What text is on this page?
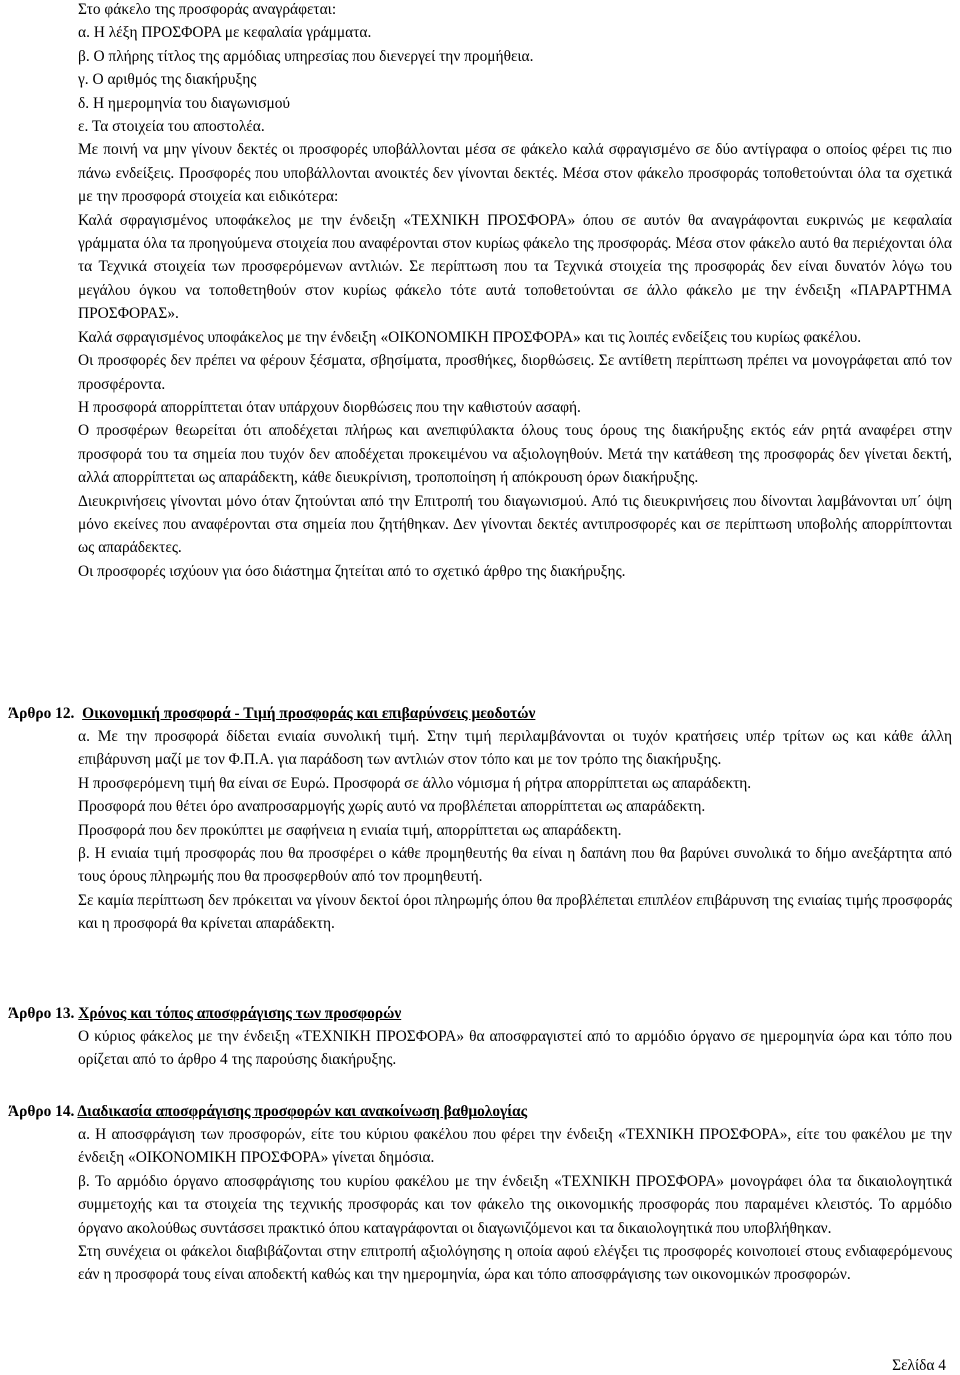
Στο φάκελο της προσφοράς αναγράφεται:

α. Η λέξη ΠΡΟΣΦΟΡΑ με κεφαλαία γράμματα.

β. Ο πλήρης τίτλος της αρμόδιας υπηρεσίας που διενεργεί την προμήθεια.

γ. Ο αριθμός της διακήρυξης

δ. Η ημερομηνία του διαγωνισμού

ε. Τα στοιχεία του αποστολέα.

Με ποινή να μην γίνουν δεκτές οι προσφορές υποβάλλονται μέσα σε φάκελο καλά σφραγισμένο σε δύο αντίγραφα ο οποίος φέρει τις πιο πάνω ενδείξεις. Προσφορές που υποβάλλονται ανοικτές δεν γίνονται δεκτές. Μέσα στον φάκελο προσφοράς τοποθετούνται όλα τα σχετικά με την προσφορά στοιχεία και ειδικότερα:

Καλά σφραγισμένος υποφάκελος με την ένδειξη «ΤΕΧΝΙΚΗ ΠΡΟΣΦΟΡΑ» όπου σε αυτόν θα αναγράφονται ευκρινώς με κεφαλαία γράμματα όλα τα προηγούμενα στοιχεία που αναφέρονται στον κυρίως φάκελο της προσφοράς. Μέσα στον φάκελο αυτό θα περιέχονται όλα τα Τεχνικά στοιχεία των προσφερόμενων αντλιών. Σε περίπτωση που τα Τεχνικά στοιχεία της προσφοράς δεν είναι δυνατόν λόγω του μεγάλου όγκου να τοποθετηθούν στον κυρίως φάκελο τότε αυτά τοποθετούνται σε άλλο φάκελο με την ένδειξη «ΠΑΡΑΡΤΗΜΑ ΠΡΟΣΦΟΡΑΣ».

Καλά σφραγισμένος υποφάκελος με την ένδειξη «ΟΙΚΟΝΟΜΙΚΗ ΠΡΟΣΦΟΡΑ» και τις λοιπές ενδείξεις του κυρίως φακέλου.

Οι προσφορές δεν πρέπει να φέρουν ξέσματα, σβησίματα, προσθήκες, διορθώσεις. Σε αντίθετη περίπτωση πρέπει να μονογράφεται από τον προσφέροντα.

Η προσφορά απορρίπτεται όταν υπάρχουν διορθώσεις που την καθιστούν ασαφή.

Ο προσφέρων θεωρείται ότι αποδέχεται πλήρως και ανεπιφύλακτα όλους τους όρους της διακήρυξης εκτός εάν ρητά αναφέρει στην προσφορά του τα σημεία που τυχόν δεν αποδέχεται προκειμένου να αξιολογηθούν. Μετά την κατάθεση της προσφοράς δεν γίνεται δεκτή, αλλά απορρίπτεται ως απαράδεκτη, κάθε διευκρίνιση, τροποποίηση ή απόκρουση όρων διακήρυξης.

Διευκρινήσεις γίνονται μόνο όταν ζητούνται από την Επιτροπή του διαγωνισμού. Από τις διευκρινήσεις που δίνονται λαμβάνονται υπ΄ όψη μόνο εκείνες που αναφέρονται στα σημεία που ζητήθηκαν. Δεν γίνονται δεκτές αντιπροσφορές και σε περίπτωση υποβολής απορρίπτονται ως απαράδεκτες.

Οι προσφορές ισχύουν για όσο διάστημα ζητείται από το σχετικό άρθρο της διακήρυξης.

Άρθρο 12. Οικονομική προσφορά - Τιμή προσφοράς και επιβαρύνσεις μεοδοτών

α. Με την προσφορά δίδεται ενιαία συνολική τιμή. Στην τιμή περιλαμβάνονται οι τυχόν κρατήσεις υπέρ τρίτων ως και κάθε άλλη επιβάρυνση μαζί με τον Φ.Π.Α. για παράδοση των αντλιών στον τόπο και με τον τρόπο της διακήρυξης.

Η προσφερόμενη τιμή θα είναι σε Ευρώ. Προσφορά σε άλλο νόμισμα ή ρήτρα απορρίπτεται ως απαράδεκτη.

Προσφορά που θέτει όρο αναπροσαρμογής χωρίς αυτό να προβλέπεται απορρίπτεται ως απαράδεκτη.

Προσφορά που δεν προκύπτει με σαφήνεια η ενιαία τιμή, απορρίπτεται ως απαράδεκτη.

β. Η ενιαία τιμή προσφοράς που θα προσφέρει ο κάθε προμηθευτής θα είναι η δαπάνη που θα βαρύνει συνολικά το δήμο ανεξάρτητα από τους όρους πληρωμής που θα προσφερθούν από τον προμηθευτή.

Σε καμία περίπτωση δεν πρόκειται να γίνουν δεκτοί όροι πληρωμής όπου θα προβλέπεται επιπλέον επιβάρυνση της ενιαίας τιμής προσφοράς και η προσφορά θα κρίνεται απαράδεκτη.

Άρθρο 13. Χρόνος και τόπος αποσφράγισης των προσφορών

Ο κύριος φάκελος με την ένδειξη «ΤΕΧΝΙΚΗ ΠΡΟΣΦΟΡΑ» θα αποσφραγιστεί από το αρμόδιο όργανο σε ημερομηνία ώρα και τόπο που ορίζεται από το άρθρο 4 της παρούσης διακήρυξης.

Άρθρο 14. Διαδικασία αποσφράγισης προσφορών και ανακοίνωση βαθμολογίας

α. Η αποσφράγιση των προσφορών, είτε του κύριου φακέλου που φέρει την ένδειξη «ΤΕΧΝΙΚΗ ΠΡΟΣΦΟΡΑ», είτε του φακέλου με την ένδειξη «ΟΙΚΟΝΟΜΙΚΗ ΠΡΟΣΦΟΡΑ» γίνεται δημόσια.

β. Το αρμόδιο όργανο αποσφράγισης του κυρίου φακέλου με την ένδειξη «ΤΕΧΝΙΚΗ ΠΡΟΣΦΟΡΑ» μονογράφει όλα τα δικαιολογητικά συμμετοχής και τα στοιχεία της τεχνικής προσφοράς και τον φάκελο της οικονομικής προσφοράς που παραμένει κλειστός. Το αρμόδιο όργανο ακολούθως συντάσσει πρακτικό όπου καταγράφονται οι διαγωνιζόμενοι και τα δικαιολογητικά που υποβλήθηκαν.

Στη συνέχεια οι φάκελοι διαβιβάζονται στην επιτροπή αξιολόγησης η οποία αφού ελέγξει τις προσφορές κοινοποιεί στους ενδιαφερόμενους εάν η προσφορά τους είναι αποδεκτή καθώς και την ημερομηνία, ώρα και τόπο αποσφράγισης των οικονομικών προσφορών.

Σελίδα 4
